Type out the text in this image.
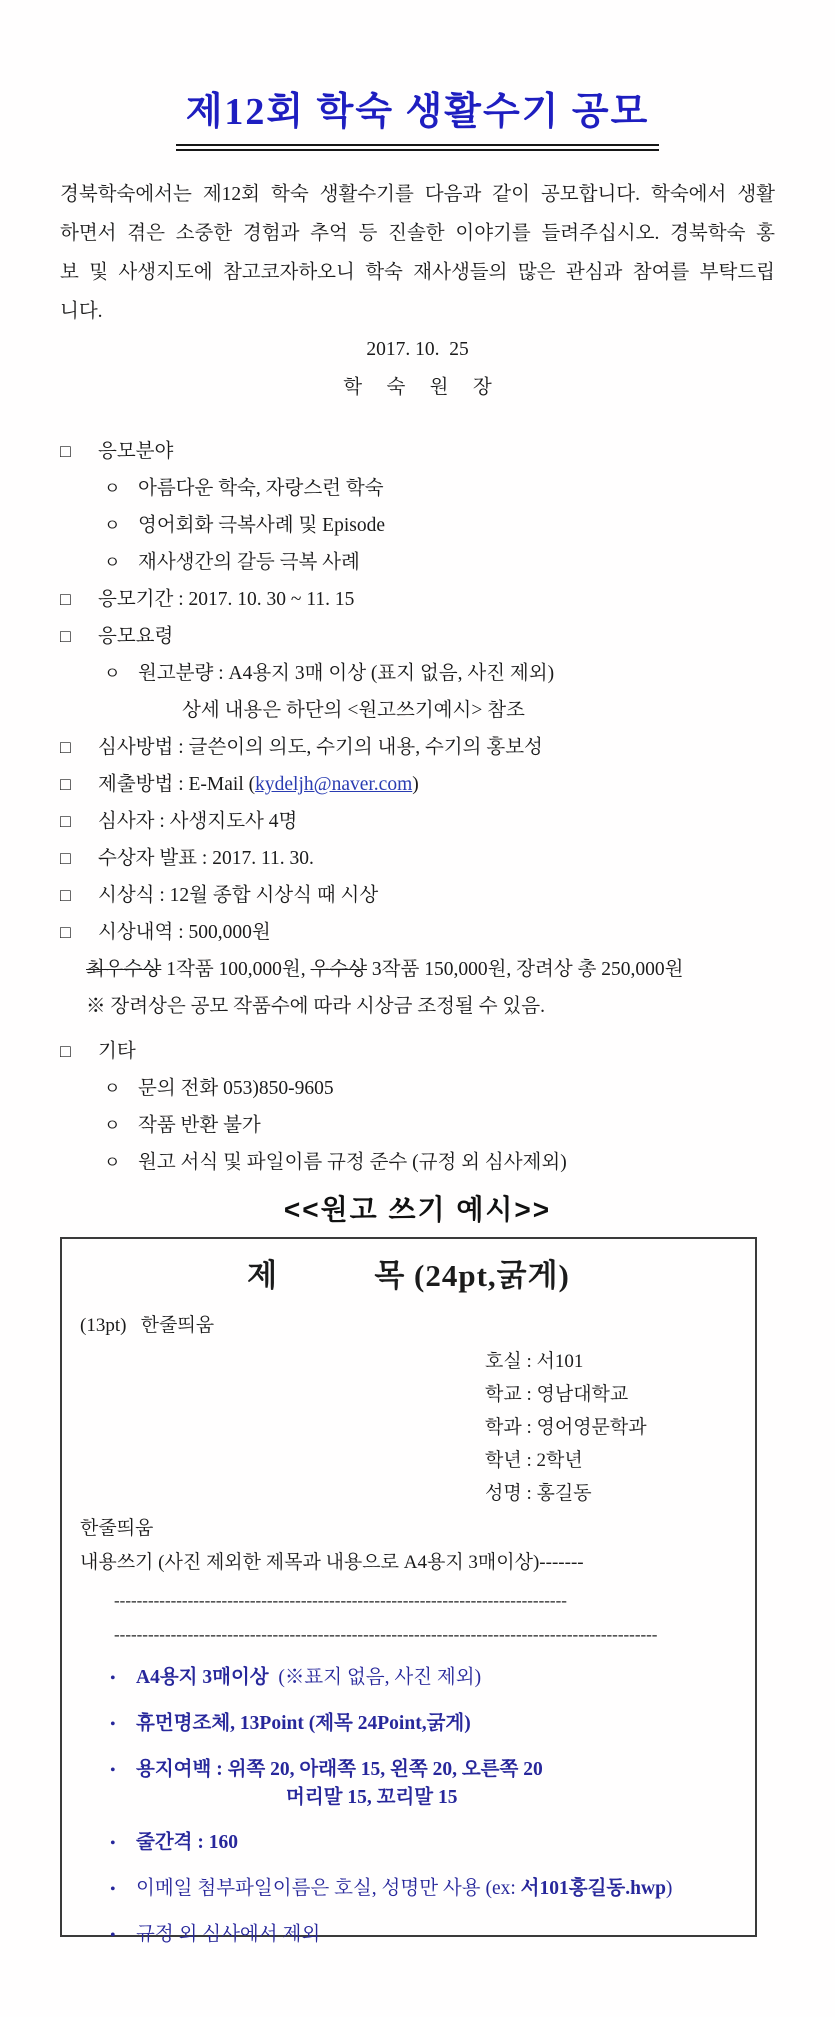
제12회 학숙 생활수기 공모
경북학숙에서는 제12회 학숙 생활수기를 다음과 같이 공모합니다. 학숙에서 생활하면서 겪은 소중한 경험과 추억 등 진솔한 이야기를 들려주십시오. 경북학숙 홍보 및 사생지도에 참고코자하오니 학숙 재사생들의 많은 관심과 참여를 부탁드립니다.
2017. 10.  25
학     숙     원     장
□	응모분야
ㅇ 아름다운 학숙, 자랑스런 학숙
ㅇ 영어회화 극복사례 및 Episode
ㅇ 재사생간의 갈등 극복 사례
□	응모기간 : 2017. 10. 30 ~ 11. 15
□	응모요령
ㅇ 원고분량 : A4용지 3매 이상 (표지 없음, 사진 제외)
상세 내용은 하단의 <원고쓰기예시> 참조
□	심사방법 : 글쓴이의 의도, 수기의 내용, 수기의 홍보성
□	제출방법 : E-Mail (kydeljh@naver.com)
□	심사자 : 사생지도사 4명
□	수상자 발표 : 2017. 11. 30.
□	시상식 : 12월 종합 시상식 때 시상
□	시상내역 : 500,000원
최우수상 1작품 100,000원, 우수상 3작품 150,000원, 장려상 총 250,000원
※ 장려상은 공모 작품수에 따라 시상금 조정될 수 있음.
□	기타
ㅇ 문의 전화 053)850-9605
ㅇ 작품 반환 불가
ㅇ 원고 서식 및 파일이름 규정 준수 (규정 외 심사제외)
<<원고 쓰기 예시>>
제           목 (24pt,굵게)
(13pt)   한줄띄움
호실 : 서101
학교 : 영남대학교
학과 : 영어영문학과
학년 : 2학년
성명 : 홍길동
한줄띄움
내용쓰기 (사진 제외한 제목과 내용으로 A4용지 3매이상)-------
--------------------------------------------------------------------------------
------------------------------------------------------------------------------------------------
•	A4용지 3매이상  (※표지 없음, 사진 제외)
•	휴먼명조체, 13Point (제목 24Point,굵게)
•	용지여백 : 위쪽 20, 아래쪽 15, 왼쪽 20, 오른쪽 20
머리말 15, 꼬리말 15
•	줄간격 : 160
•	이메일 첨부파일이름은 호실, 성명만 사용 (ex: 서101홍길동.hwp)
•	규정 외 심사에서 제외
